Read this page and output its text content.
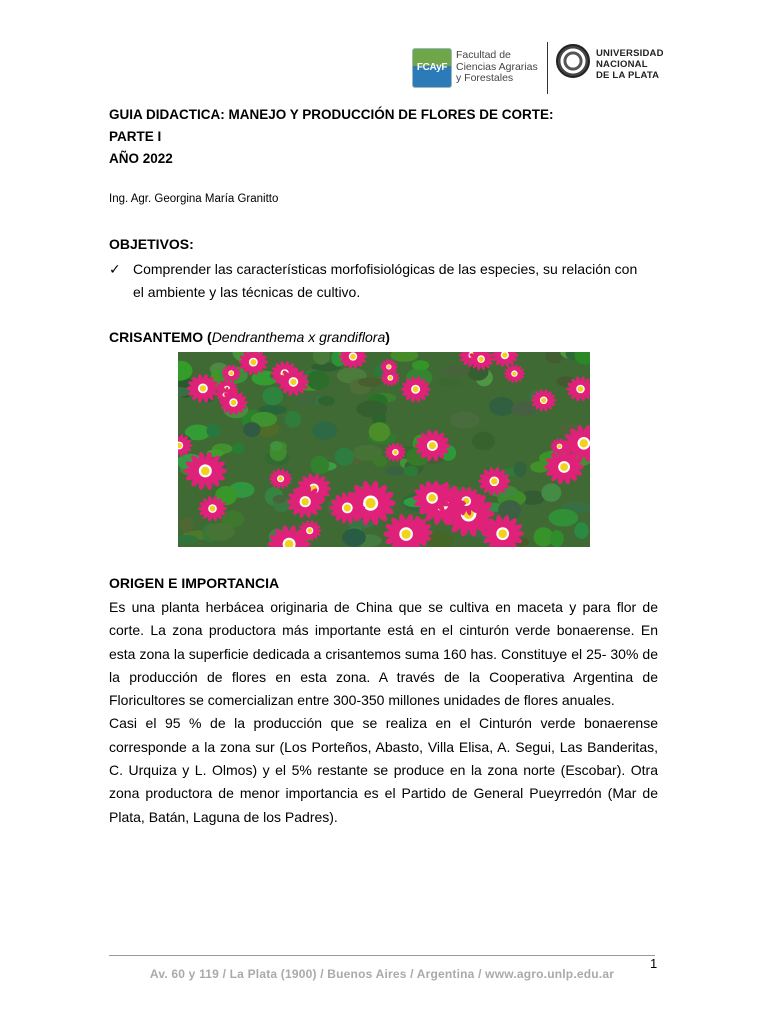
FCAyF
Facultad de
Ciencias Agrarias
y Forestales
UNIVERSIDAD
NACIONAL
DE LA PLATA
GUIA DIDACTICA: MANEJO Y PRODUCCIÓN DE FLORES DE CORTE:
PARTE I
AÑO 2022
Ing. Agr. Georgina María Granitto
OBJETIVOS:
✓ Comprender las características morfofisiológicas de las especies, su relación con el ambiente y las técnicas de cultivo.
CRISANTEMO (Dendranthema x grandiflora)
ORIGEN E IMPORTANCIA

Es una planta herbácea originaria de China que se cultiva en maceta y para flor de corte. La zona productora más importante está en el cinturón verde bonaerense. En esta zona la superficie dedicada a crisantemos suma 160 has. Constituye el 25- 30% de la producción de flores en esta zona. A través de la Cooperativa Argentina de Floricultores se comercializan entre 300-350 millones unidades de flores anuales.

Casi el 95 % de la producción que se realiza en el Cinturón verde bonaerense corresponde a la zona sur (Los Porteños, Abasto, Villa Elisa, A. Segui, Las Banderitas, C. Urquiza y L. Olmos) y el 5% restante se produce en la zona norte (Escobar). Otra zona productora de menor importancia es el Partido de General Pueyrredón (Mar de Plata, Batán, Laguna de los Padres).

1
Av. 60 y 119 / La Plata (1900) / Buenos Aires / Argentina / www.agro.unlp.edu.ar
